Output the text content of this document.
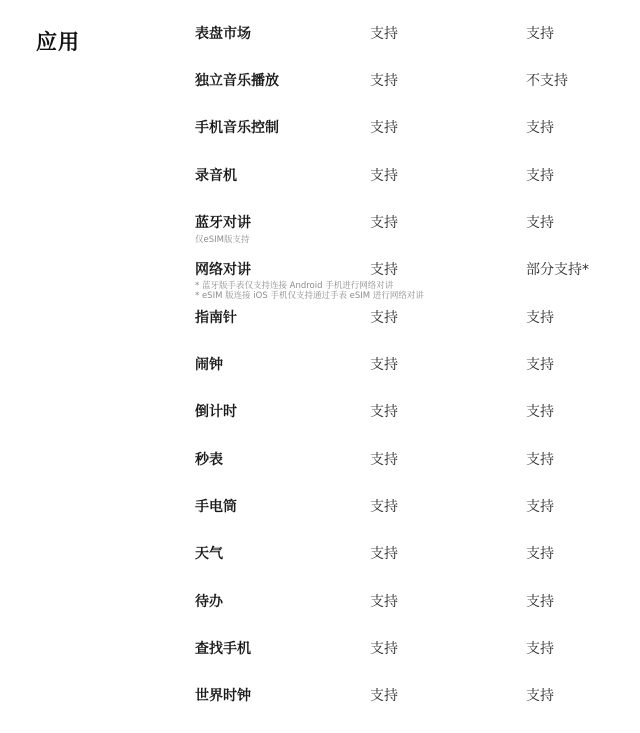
应用	表盘市场	支持	支持
独立音乐播放	支持	不支持
手机音乐控制	支持	支持
录音机	支持	支持
蓝牙对讲	支持	支持
仅eSIM版支持
网络对讲	支持	部分支持*
* 蓝牙版手表仅支持连接 Android 手机进行网络对讲
* eSIM 版连接 iOS 手机仅支持通过手表 eSIM 进行网络对讲
指南针	支持	支持
闹钟	支持	支持
倒计时	支持	支持
秒表	支持	支持
手电筒	支持	支持
天气	支持	支持
待办	支持	支持
查找手机	支持	支持
世界时钟	支持	支持
